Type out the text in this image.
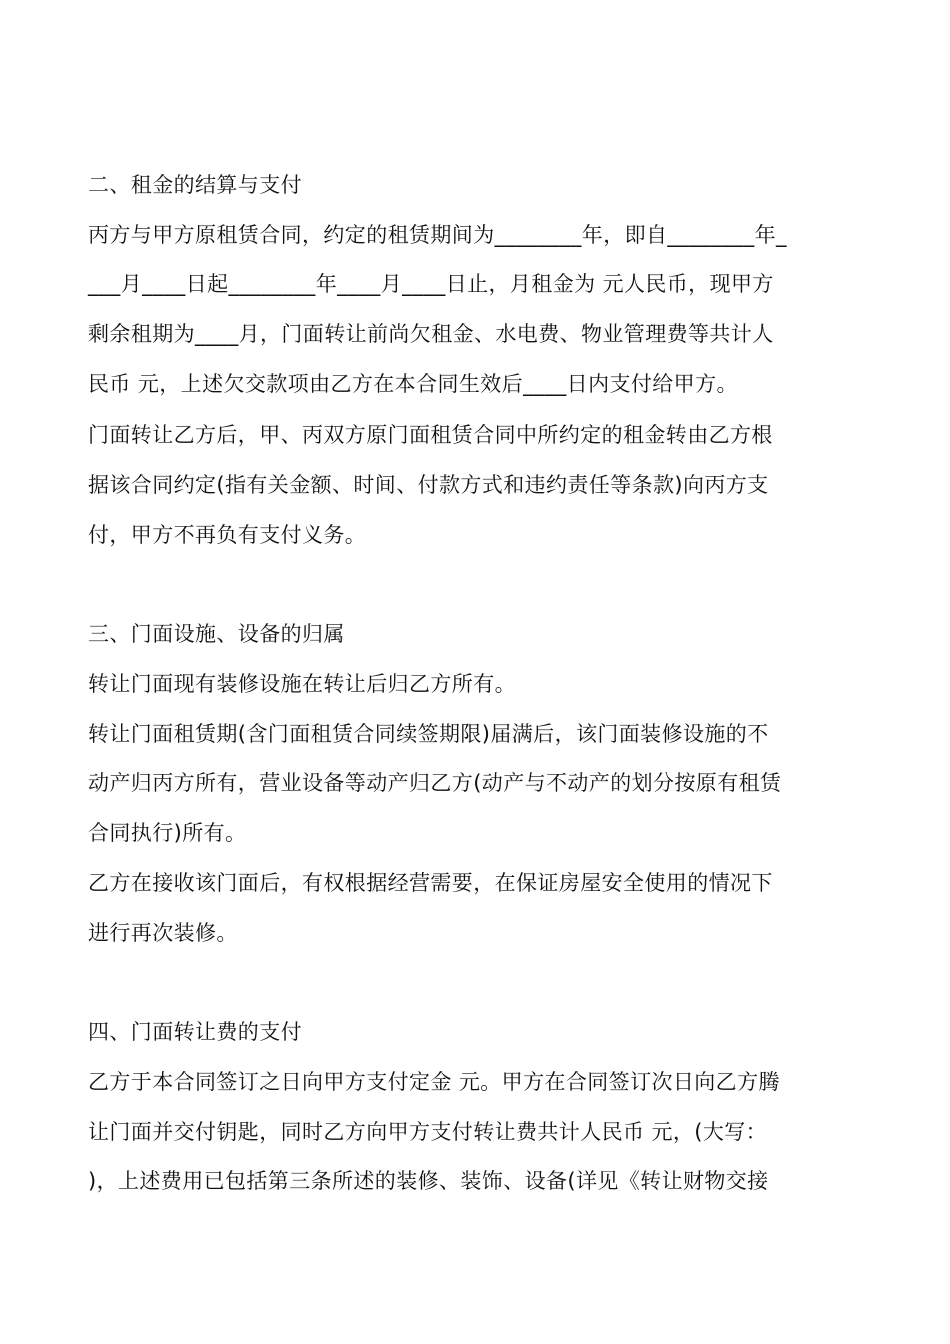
二、租金的结算与支付
丙方与甲方原租赁合同，约定的租赁期间为________年，即自________年_
___月____日起________年____月____日止，月租金为 元人民币，现甲方
剩余租期为____月，门面转让前尚欠租金、水电费、物业管理费等共计人
民币 元，上述欠交款项由乙方在本合同生效后____日内支付给甲方。
门面转让乙方后，甲、丙双方原门面租赁合同中所约定的租金转由乙方根
据该合同约定(指有关金额、时间、付款方式和违约责任等条款)向丙方支
付，甲方不再负有支付义务。
三、门面设施、设备的归属
转让门面现有装修设施在转让后归乙方所有。
转让门面租赁期(含门面租赁合同续签期限)届满后，该门面装修设施的不
动产归丙方所有，营业设备等动产归乙方(动产与不动产的划分按原有租赁
合同执行)所有。
乙方在接收该门面后，有权根据经营需要，在保证房屋安全使用的情况下
进行再次装修。
四、门面转让费的支付
乙方于本合同签订之日向甲方支付定金 元。甲方在合同签订次日向乙方腾
让门面并交付钥匙，同时乙方向甲方支付转让费共计人民币 元，(大写：
)，上述费用已包括第三条所述的装修、装饰、设备(详见《转让财物交接
